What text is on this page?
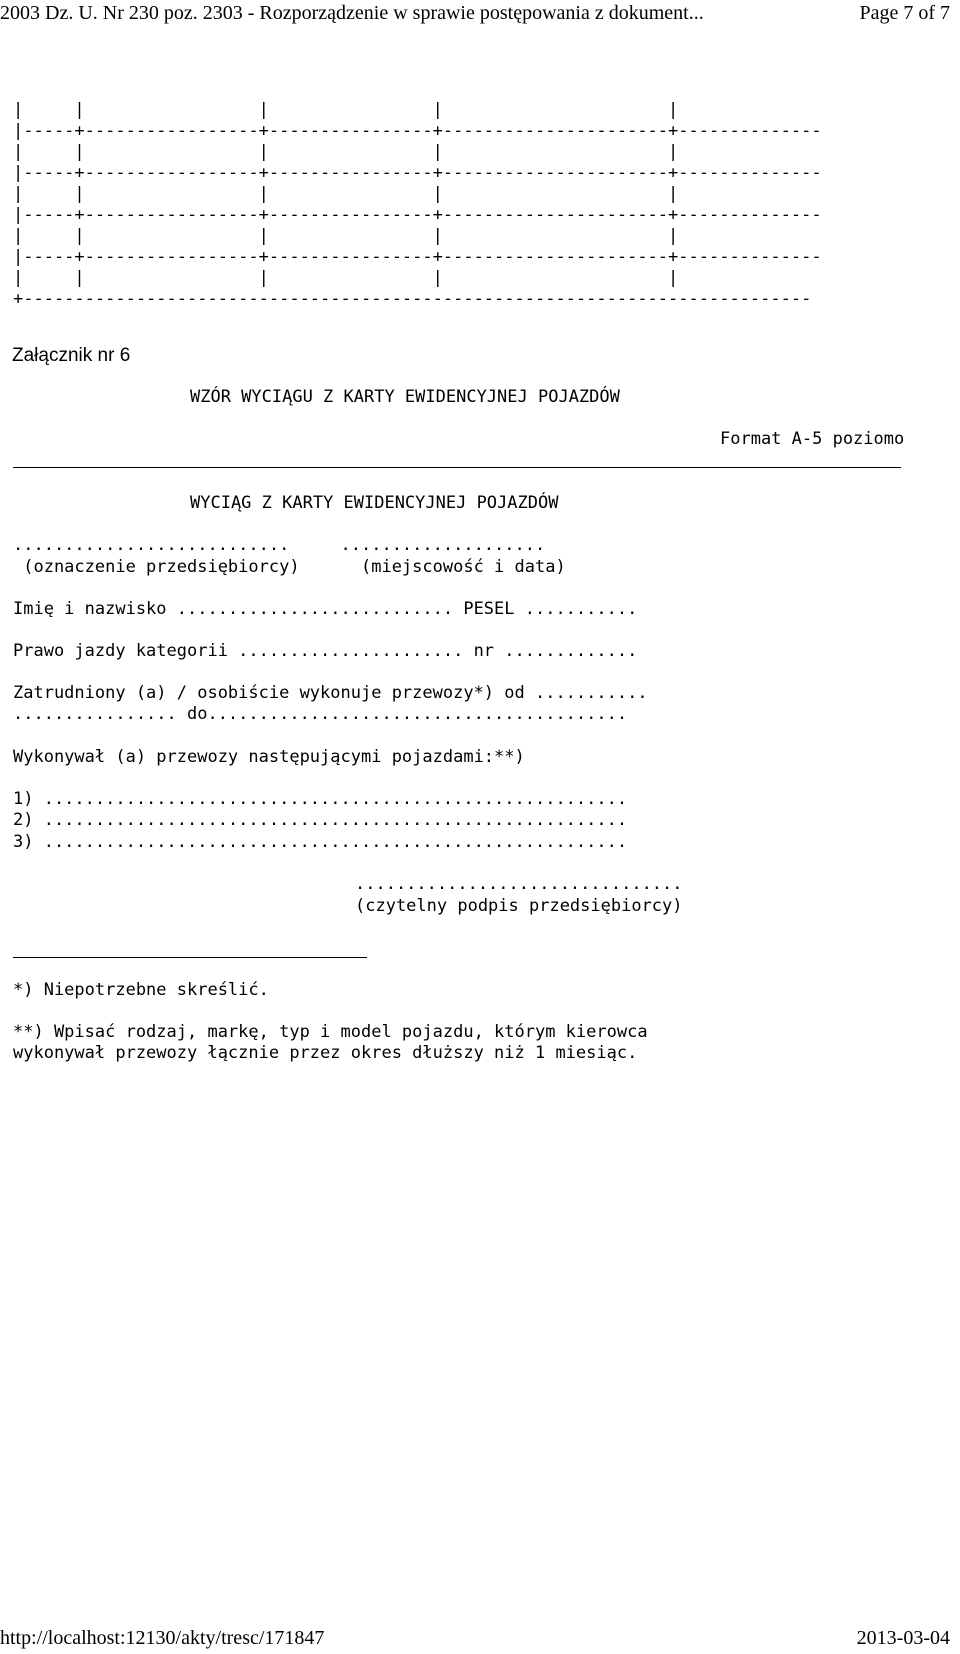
2003 Dz. U. Nr 230 poz. 2303 - Rozporządzenie w sprawie postępowania z dokument...	Page 7 of 7
|     |                 |                |                      |
|-----+-----------------+----------------+----------------------+--------------
|     |                 |                |                      |
|-----+-----------------+----------------+----------------------+--------------
|     |                 |                |                      |
|-----+-----------------+----------------+----------------------+--------------
|     |                 |                |                      |
|-----+-----------------+----------------+----------------------+--------------
|     |                 |                |                      |
+-----------------------------------------------------------------------------
Załącznik nr 6
WZÓR WYCIĄGU Z KARTY EWIDENCYJNEJ POJAZDÓW
Format A-5 poziomo
WYCIĄG Z KARTY EWIDENCYJNEJ POJAZDÓW
...........................     ....................
(oznaczenie przedsiębiorcy)      (miejscowość i data)
Imię i nazwisko ........................... PESEL ...........
Prawo jazdy kategorii ...................... nr .............
Zatrudniony (a) / osobiście wykonuje przewozy*) od ...........
................ do.........................................
Wykonywał (a) przewozy następującymi pojazdami:**)
1) .........................................................
2) .........................................................
3) .........................................................
................................
(czytelny podpis przedsiębiorcy)
*) Niepotrzebne skreślić.
**) Wpisać rodzaj, markę, typ i model pojazdu, którym kierowca
wykonywał przewozy łącznie przez okres dłuższy niż 1 miesiąc.
http://localhost:12130/akty/tresc/171847	2013-03-04
